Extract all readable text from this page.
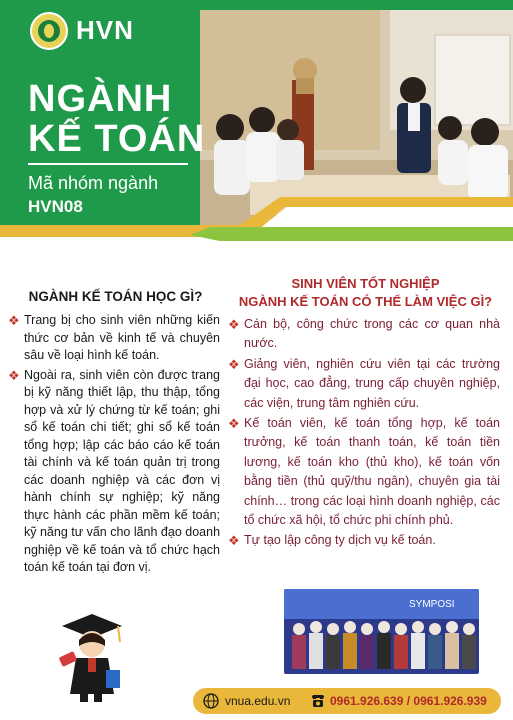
HVN
NGÀNH
KẾ TOÁN
Mã nhóm ngành
HVN08
NGÀNH KẾ TOÁN HỌC GÌ?
❖ Trang bị cho sinh viên những kiến thức cơ bản về kinh tế và chuyên sâu về loại hình kế toán.
❖ Ngoài ra, sinh viên còn được trang bị kỹ năng thiết lập, thu thập, tổng hợp và xử lý chứng từ kế toán; ghi sổ kế toán chi tiết; ghi sổ kế toán tổng hợp; lập các báo cáo kế toán tài chính và kế toán quản trị trong các doanh nghiệp và các đơn vị hành chính sự nghiệp; kỹ năng thực hành các phần mềm kế toán; kỹ năng tư vấn cho lãnh đạo doanh nghiệp về kế toán và tổ chức hạch toán kế toán tại đơn vị.
SINH VIÊN TỐT NGHIỆP
NGÀNH KẾ TOÁN CÓ THỂ LÀM VIỆC GÌ?
❖ Cán bộ, công chức trong các cơ quan nhà nước.
❖ Giảng viên, nghiên cứu viên tại các trường đại học, cao đẳng, trung cấp chuyên nghiệp, các viện, trung tâm nghiên cứu.
❖ Kế toán viên, kế toán tổng hợp, kế toán trưởng, kế toán thanh toán, kế toán tiền lương, kế toán kho (thủ kho), kế toán vốn bằng tiền (thủ quỹ/thu ngân), chuyên gia tài chính… trong các loại hình doanh nghiệp, các tổ chức xã hội, tổ chức phi chính phủ.
❖ Tự tạo lập công ty dịch vụ kế toán.
SYMPOSI
vnua.edu.vn	0961.926.639 / 0961.926.939
